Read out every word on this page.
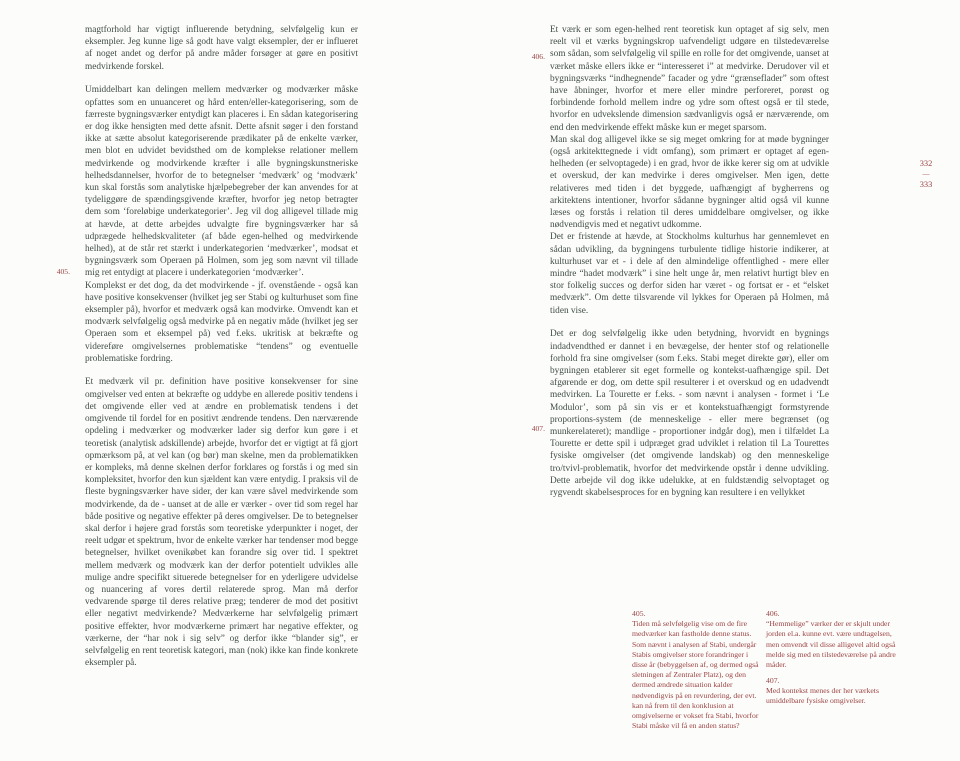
405.

magtforhold har vigtigt influerende betydning, selvfølgelig kun er eksempler. Jeg kunne lige så godt have valgt eksempler, der er influeret af noget andet og derfor på andre måder forsøger at gøre en positivt medvirkende forskel.

Umiddelbart kan delingen mellem medværker og modværker måske opfattes som en unuanceret og hård enten/eller-kategorisering, som de færreste bygningsværker entydigt kan placeres i. En sådan kategorisering er dog ikke hensigten med dette afsnit. Dette afsnit søger i den forstand ikke at sætte absolut kategoriserende prædikater på de enkelte værker, men blot en udvidet bevidsthed om de komplekse relationer mellem medvirkende og modvirkende kræfter i alle bygningskunstneriske helhedsdannelser, hvorfor de to betegnelser ‘medværk’ og ‘modværk’ kun skal forstås som analytiske hjælpebegreber der kan anvendes for at tydeliggøre de spændingsgivende kræfter, hvorfor jeg netop betragter dem som ‘foreløbige underkategorier’. Jeg vil dog alligevel tillade mig at hævde, at dette arbejdes udvalgte fire bygningsværker har så udprægede helhedskvaliteter (af både egen-helhed og medvirkende helhed), at de står ret stærkt i underkategorien ‘medværker’, modsat et bygningsværk som Operaen på Holmen, som jeg som nævnt vil tillade mig ret entydigt at placere i underkategorien ‘modværker’.

Komplekst er det dog, da det modvirkende - jf. ovenstående - også kan have positive konsekvenser (hvilket jeg ser Stabi og kulturhuset som fine eksempler på), hvorfor et medværk også kan modvirke. Omvendt kan et modværk selvfølgelig også medvirke på en negativ måde (hvilket jeg ser Operaen som et eksempel på) ved f.eks. ukritisk at bekræfte og videreføre omgivelsernes problematiske “tendens” og eventuelle problematiske fordring.

Et medværk vil pr. definition have positive konsekvenser for sine omgivelser ved enten at bekræfte og uddybe en allerede positiv tendens i det omgivende eller ved at ændre en problematisk tendens i det omgivende til fordel for en positivt ændrende tendens. Den nærværende opdeling i medværker og modværker lader sig derfor kun gøre i et teoretisk (analytisk adskillende) arbejde, hvorfor det er vigtigt at få gjort opmærksom på, at vel kan (og bør) man skelne, men da problematikken er kompleks, må denne skelnen derfor forklares og forstås i og med sin kompleksitet, hvorfor den kun sjældent kan være entydig. I praksis vil de fleste bygningsværker have sider, der kan være såvel medvirkende som modvirkende, da de - uanset at de alle er værker - over tid som regel har både positive og negative effekter på deres omgivelser. De to betegnelser skal derfor i højere grad forstås som teoretiske yderpunkter i noget, der reelt udgør et spektrum, hvor de enkelte værker har tendenser mod begge betegnelser, hvilket ovenikøbet kan forandre sig over tid. I spektret mellem medværk og modværk kan der derfor potentielt udvikles alle mulige andre specifikt situerede betegnelser for en yderligere udvidelse og nuancering af vores dertil relaterede sprog. Man må derfor vedvarende spørge til deres relative præg; tenderer de mod det positivt eller negativt medvirkende? Medværkerne har selvfølgelig primært positive effekter, hvor modværkerne primært har negative effekter, og værkerne, der “har nok i sig selv” og derfor ikke “blander sig”, er selvfølgelig en rent teoretisk kategori, man (nok) ikke kan finde konkrete eksempler på.

406.
407.

Et værk er som egen-helhed rent teoretisk kun optaget af sig selv, men reelt vil et værks bygningskrop uafvendeligt udgøre en tilstedeværelse som sådan, som selvfølgelig vil spille en rolle for det omgivende, uanset at værket måske ellers ikke er “interesseret i” at medvirke. Derudover vil et bygningsværks “indhegnende” facader og ydre “grænseflader” som oftest have åbninger, hvorfor et mere eller mindre perforeret, porøst og forbindende forhold mellem indre og ydre som oftest også er til stede, hvorfor en udvekslende dimension sædvanligvis også er nærværende, om end den medvirkende effekt måske kun er meget sparsom.

Man skal dog alligevel ikke se sig meget omkring for at møde bygninger (også arkitekttegnede i vidt omfang), som primært er optaget af egen-helheden (er selvoptagede) i en grad, hvor de ikke kerer sig om at udvikle et overskud, der kan medvirke i deres omgivelser. Men igen, dette relativeres med tiden i det byggede, uafhængigt af bygherrens og arkitektens intentioner, hvorfor sådanne bygninger altid også vil kunne læses og forstås i relation til deres umiddelbare omgivelser, og ikke nødvendigvis med et negativt udkomme.

Det er fristende at hævde, at Stockholms kulturhus har gennemlevet en sådan udvikling, da bygningens turbulente tidlige historie indikerer, at kulturhuset var et - i dele af den almindelige offentlighed - mere eller mindre “hadet modværk” i sine helt unge år, men relativt hurtigt blev en stor folkelig succes og derfor siden har været - og fortsat er - et “elsket medværk”. Om dette tilsvarende vil lykkes for Operaen på Holmen, må tiden vise.

Det er dog selvfølgelig ikke uden betydning, hvorvidt en bygnings indadvendthed er dannet i en bevægelse, der henter stof og relationelle forhold fra sine omgivelser (som f.eks. Stabi meget direkte gør), eller om bygningen etablerer sit eget formelle og kontekst-uafhængige spil. Det afgørende er dog, om dette spil resulterer i et overskud og en udadvendt medvirken. La Tourette er f.eks. - som nævnt i analysen - formet i ‘Le Modulor’, som på sin vis er et kontekstuafhængigt formstyrende proportions-system (de menneskelige - eller mere begrænset (og munkerelateret); mandlige - proportioner indgår dog), men i tilfældet La Tourette er dette spil i udpræget grad udviklet i relation til La Tourettes fysiske omgivelser (det omgivende landskab) og den menneskelige tro/tvivl-problematik, hvorfor det medvirkende opstår i denne udvikling. Dette arbejde vil dog ikke udelukke, at en fuldstændig selvoptaget og rygvendt skabelsesproces for en bygning kan resultere i en vellykket

332
—
333
405.
Tiden må selvfølgelig vise om de fire medværker kan fastholde denne status. Som nævnt i analysen af Stabi, undergår Stabis omgivelser store forandringer i disse år (bebyggelsen af, og dermed også sletningen af Zentraler Platz), og den dermed ændrede situation kalder nødvendigvis på en revurdering, der evt. kan nå frem til den konklusion at omgivelserne er vokset fra Stabi, hvorfor Stabi måske vil få en anden status?
406.
“Hemmelige” værker der er skjult under jorden el.a. kunne evt. være undtagelsen, men omvendt vil disse alligevel altid også melde sig med en tilstedeværelse på andre måder.
407.
Med kontekst menes der her værkets umiddelbare fysiske omgivelser.
